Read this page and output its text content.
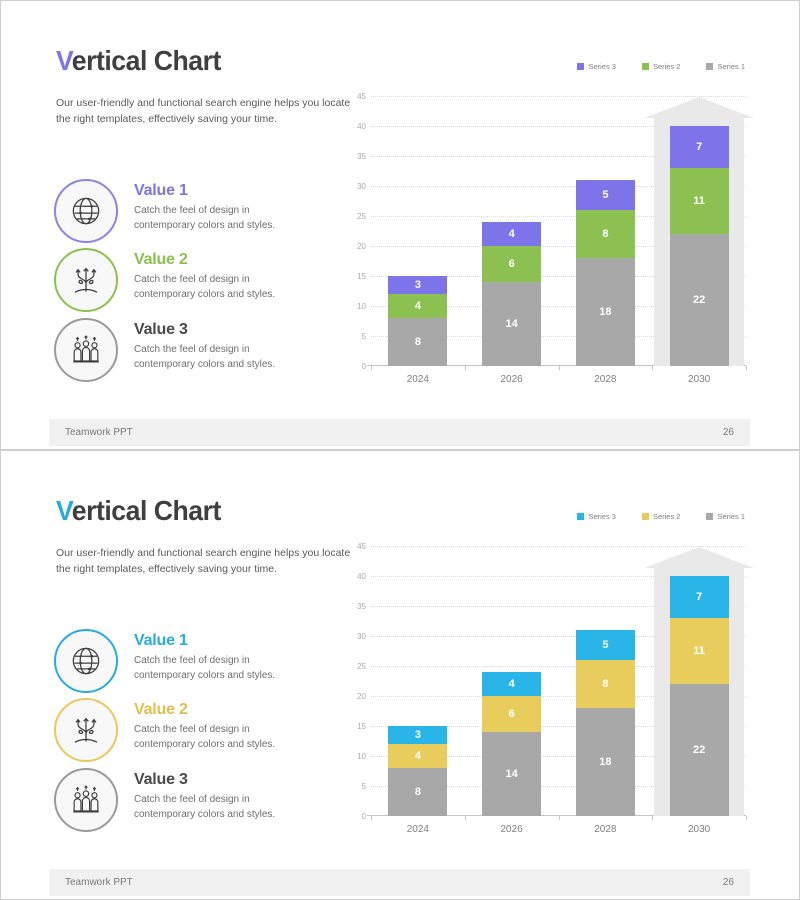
Vertical Chart
Our user-friendly and functional search engine helps you locate the right templates, effectively saving your time.
Value 1
Catch the feel of design in contemporary colors and styles.
Value 2
Catch the feel of design in contemporary colors and styles.
Value 3
Catch the feel of design in contemporary colors and styles.
Series 3	Series 2	Series 1
0
5
10
15
20
25
30
35
40
45
8
4
3
2024
14
6
4
2026
18
8
5
2028
22
11
7
2030
Teamwork PPT	26
Vertical Chart
Our user-friendly and functional search engine helps you locate the right templates, effectively saving your time.
Value 1
Catch the feel of design in contemporary colors and styles.
Value 2
Catch the feel of design in contemporary colors and styles.
Value 3
Catch the feel of design in contemporary colors and styles.
Series 3	Series 2	Series 1
0
5
10
15
20
25
30
35
40
45
8
4
3
2024
14
6
4
2026
18
8
5
2028
22
11
7
2030
Teamwork PPT	26
